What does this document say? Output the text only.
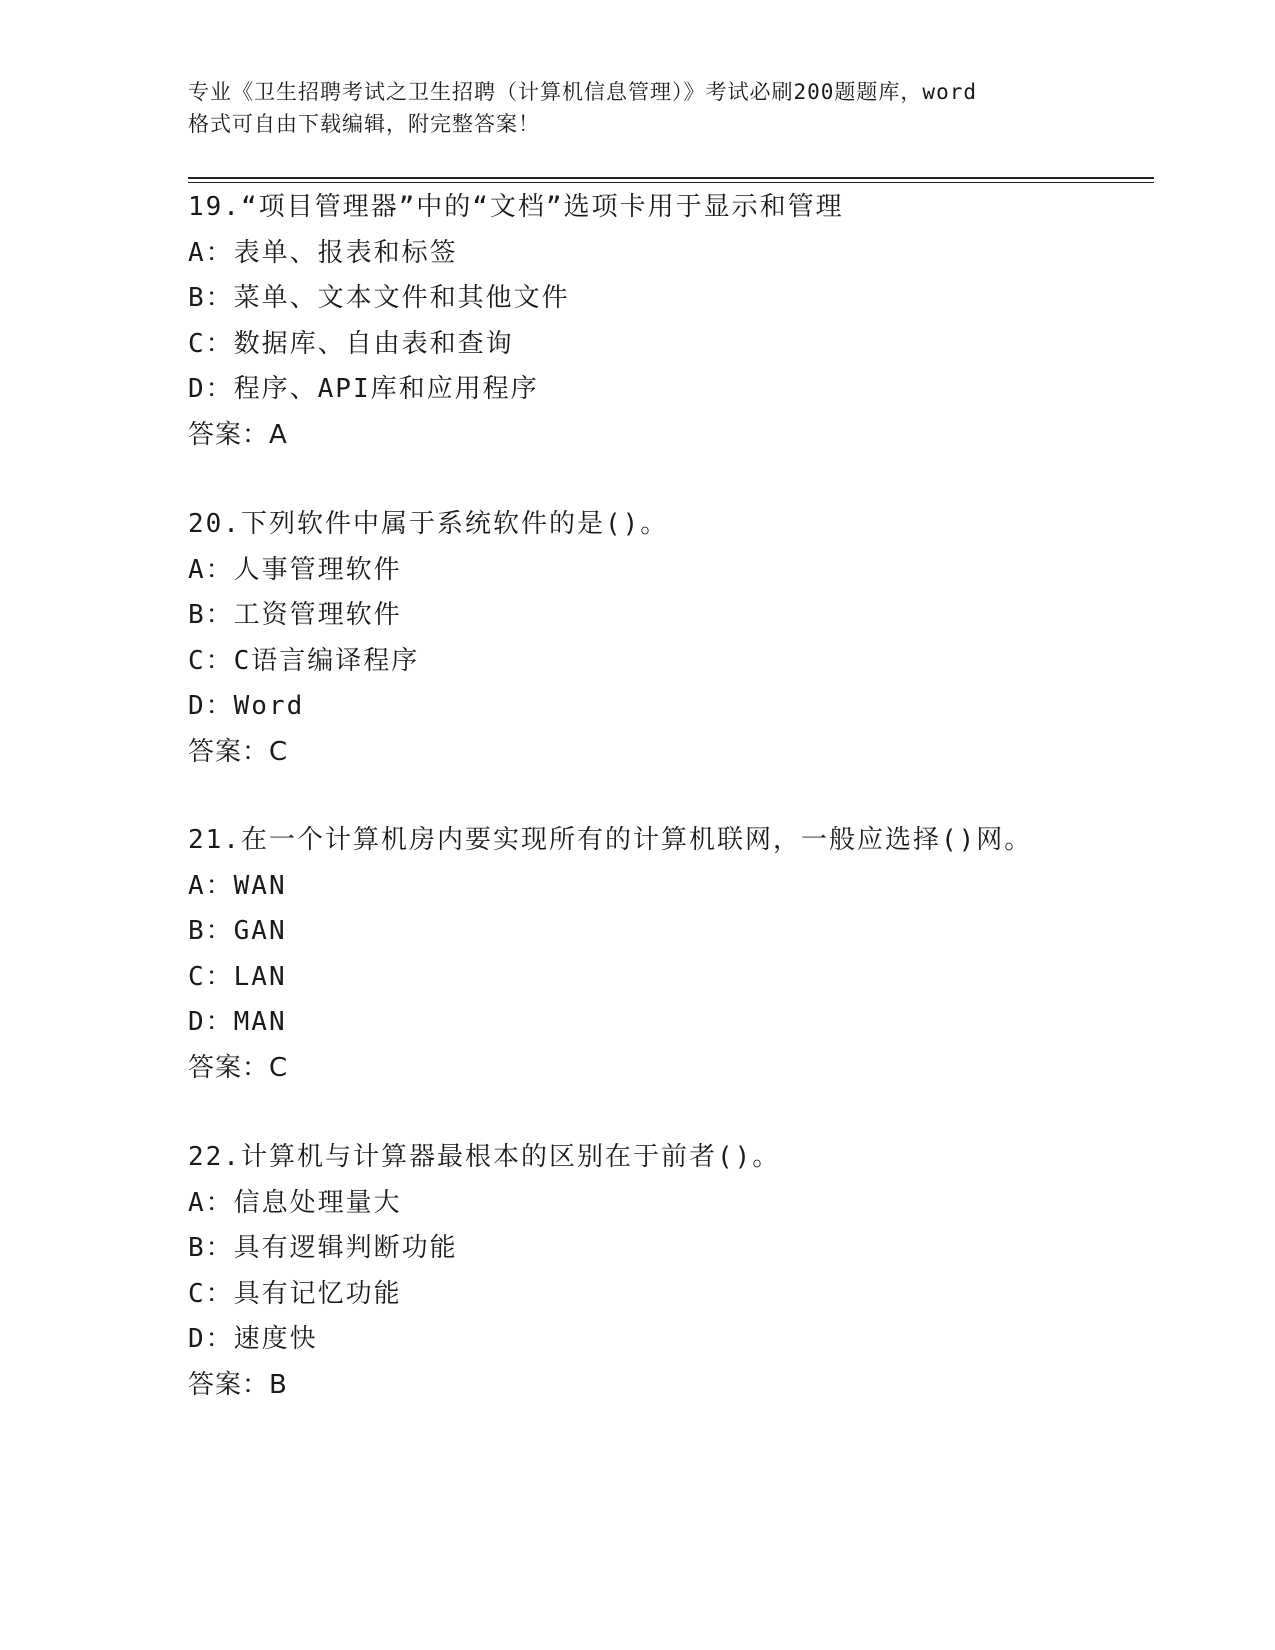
专业《卫生招聘考试之卫生招聘（计算机信息管理）》考试必刷200题题库，word
格式可自由下载编辑，附完整答案！
19.“项目管理器”中的“文档”选项卡用于显示和管理
A：表单、报表和标签
B：菜单、文本文件和其他文件
C：数据库、自由表和查询
D：程序、API库和应用程序
答案：A
20.下列软件中属于系统软件的是()。
A：人事管理软件
B：工资管理软件
C：C语言编译程序
D：Word
答案：C
21.在一个计算机房内要实现所有的计算机联网，一般应选择()网。
A：WAN
B：GAN
C：LAN
D：MAN
答案：C
22.计算机与计算器最根本的区别在于前者()。
A：信息处理量大
B：具有逻辑判断功能
C：具有记忆功能
D：速度快
答案：B
